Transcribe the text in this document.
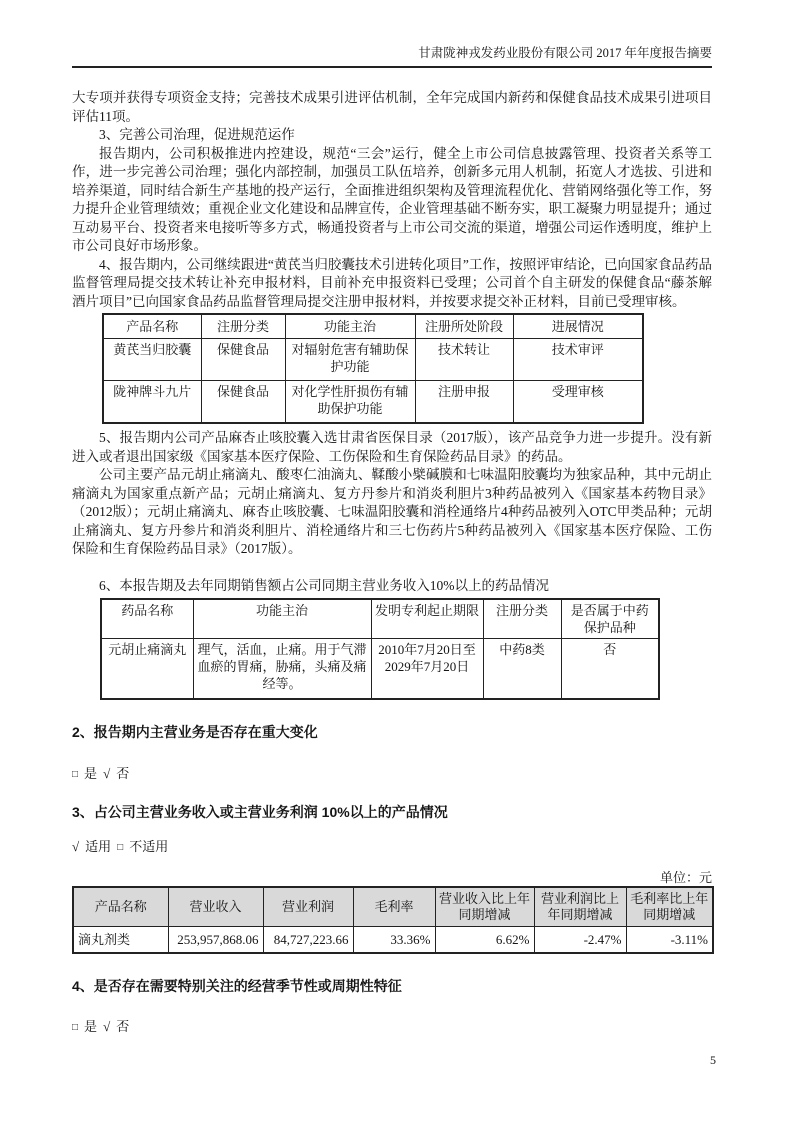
甘肃陇神戎发药业股份有限公司 2017 年年度报告摘要

大专项并获得专项资金支持；完善技术成果引进评估机制，全年完成国内新药和保健食品技术成果引进项目评估11项。

3、完善公司治理，促进规范运作

报告期内，公司积极推进内控建设，规范“三会”运行，健全上市公司信息披露管理、投资者关系等工作，进一步完善公司治理；强化内部控制，加强员工队伍培养，创新多元用人机制，拓宽人才选拔、引进和培养渠道，同时结合新生产基地的投产运行，全面推进组织架构及管理流程优化、营销网络强化等工作，努力提升企业管理绩效；重视企业文化建设和品牌宣传，企业管理基础不断夯实，职工凝聚力明显提升；通过互动易平台、投资者来电接听等多方式，畅通投资者与上市公司交流的渠道，增强公司运作透明度，维护上市公司良好市场形象。

4、报告期内，公司继续跟进“黄芪当归胶囊技术引进转化项目”工作，按照评审结论，已向国家食品药品监督管理局提交技术转让补充申报材料，目前补充申报资料已受理；公司首个自主研发的保健食品“藤茶解酒片项目”已向国家食品药品监督管理局提交注册申报材料，并按要求提交补正材料，目前已受理审核。

产品名称	注册分类	功能主治	注册所处阶段	进展情况
黄芪当归胶囊	保健食品	对辐射危害有辅助保护功能	技术转让	技术审评
陇神牌斗九片	保健食品	对化学性肝损伤有辅助保护功能	注册申报	受理审核

5、报告期内公司产品麻杏止咳胶囊入选甘肃省医保目录（2017版），该产品竞争力进一步提升。没有新进入或者退出国家级《国家基本医疗保险、工伤保险和生育保险药品目录》的药品。

公司主要产品元胡止痛滴丸、酸枣仁油滴丸、鞣酸小檗碱膜和七味温阳胶囊均为独家品种，其中元胡止痛滴丸为国家重点新产品；元胡止痛滴丸、复方丹参片和消炎利胆片3种药品被列入《国家基本药物目录》（2012版）；元胡止痛滴丸、麻杏止咳胶囊、七味温阳胶囊和消栓通络片4种药品被列入OTC甲类品种；元胡止痛滴丸、复方丹参片和消炎利胆片、消栓通络片和三七伤药片5种药品被列入《国家基本医疗保险、工伤保险和生育保险药品目录》（2017版）。

6、本报告期及去年同期销售额占公司同期主营业务收入10%以上的药品情况

药品名称	功能主治	发明专利起止期限	注册分类	是否属于中药保护品种
元胡止痛滴丸	理气，活血，止痛。用于气滞血瘀的胃痛，胁痛，头痛及痛经等。	2010年7月20日至2029年7月20日	中药8类	否

2、报告期内主营业务是否存在重大变化

□ 是 √ 否

3、占公司主营业务收入或主营业务利润 10%以上的产品情况

√ 适用 □ 不适用

单位：元
产品名称	营业收入	营业利润	毛利率	营业收入比上年同期增减	营业利润比上年同期增减	毛利率比上年同期增减
滴丸剂类	253,957,868.06	84,727,223.66	33.36%	6.62%	-2.47%	-3.11%

4、是否存在需要特别关注的经营季节性或周期性特征

□ 是 √ 否

5
